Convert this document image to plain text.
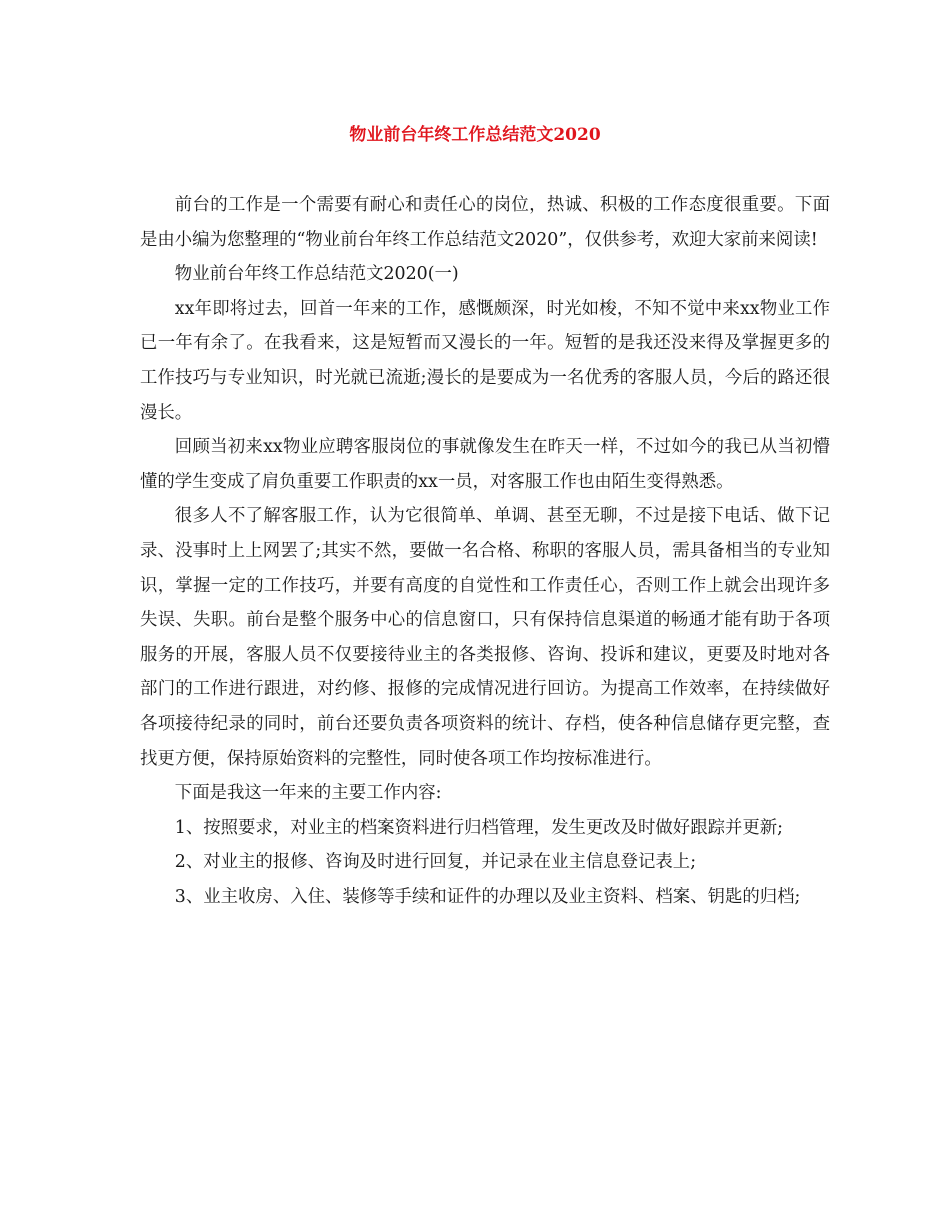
物业前台年终工作总结范文2020

前台的工作是一个需要有耐心和责任心的岗位，热诚、积极的工作态度很重要。下面是由小编为您整理的“物业前台年终工作总结范文2020”，仅供参考，欢迎大家前来阅读!

物业前台年终工作总结范文2020(一)

xx年即将过去，回首一年来的工作，感慨颇深，时光如梭，不知不觉中来xx物业工作已一年有余了。在我看来，这是短暂而又漫长的一年。短暂的是我还没来得及掌握更多的工作技巧与专业知识，时光就已流逝;漫长的是要成为一名优秀的客服人员，今后的路还很漫长。

回顾当初来xx物业应聘客服岗位的事就像发生在昨天一样，不过如今的我已从当初懵懂的学生变成了肩负重要工作职责的xx一员，对客服工作也由陌生变得熟悉。

很多人不了解客服工作，认为它很简单、单调、甚至无聊，不过是接下电话、做下记录、没事时上上网罢了;其实不然，要做一名合格、称职的客服人员，需具备相当的专业知识，掌握一定的工作技巧，并要有高度的自觉性和工作责任心，否则工作上就会出现许多失误、失职。前台是整个服务中心的信息窗口，只有保持信息渠道的畅通才能有助于各项服务的开展，客服人员不仅要接待业主的各类报修、咨询、投诉和建议，更要及时地对各部门的工作进行跟进，对约修、报修的完成情况进行回访。为提高工作效率，在持续做好各项接待纪录的同时，前台还要负责各项资料的统计、存档，使各种信息储存更完整，查找更方便，保持原始资料的完整性，同时使各项工作均按标准进行。

下面是我这一年来的主要工作内容:

1、按照要求，对业主的档案资料进行归档管理，发生更改及时做好跟踪并更新;

2、对业主的报修、咨询及时进行回复，并记录在业主信息登记表上;

3、业主收房、入住、装修等手续和证件的办理以及业主资料、档案、钥匙的归档;
